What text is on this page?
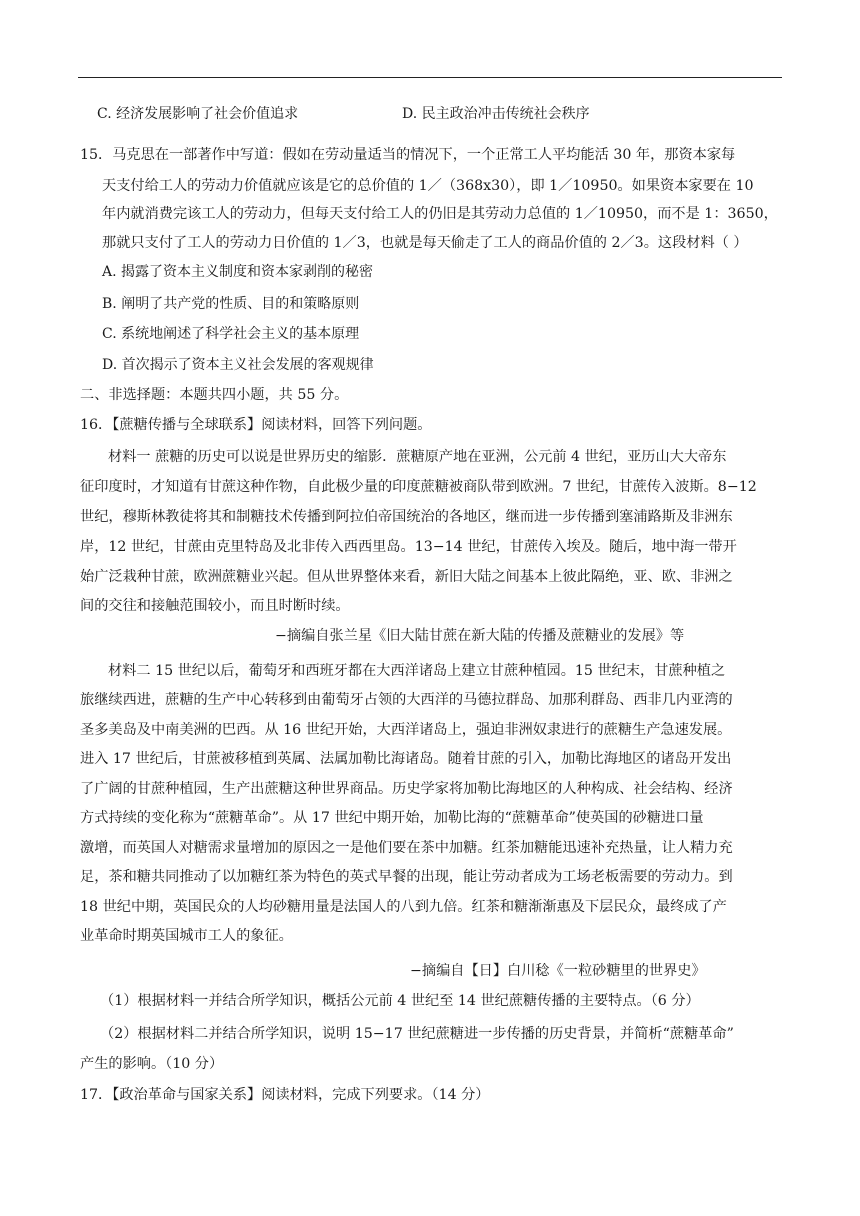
C. 经济发展影响了社会价值追求	D. 民主政治冲击传统社会秩序
15．马克思在一部著作中写道：假如在劳动量适当的情况下，一个正常工人平均能活 30 年，那资本家每
天支付给工人的劳动力价值就应该是它的总价值的 1／（368x30），即 1／10950。如果资本家要在 10
年内就消费完该工人的劳动力，但每天支付给工人的仍旧是其劳动力总值的 1／10950，而不是 1：3650，
那就只支付了工人的劳动力日价值的 1／3，也就是每天偷走了工人的商品价值的 2／3。这段材料（ ）
A. 揭露了资本主义制度和资本家剥削的秘密
B. 阐明了共产党的性质、目的和策略原则
C. 系统地阐述了科学社会主义的基本原理
D. 首次揭示了资本主义社会发展的客观规律
二、非选择题：本题共四小题，共 55 分。
16．【蔗糖传播与全球联系】阅读材料，回答下列问题。
材料一 蔗糖的历史可以说是世界历史的缩影．蔗糖原产地在亚洲，公元前 4 世纪，亚历山大大帝东
征印度时，才知道有甘蔗这种作物，自此极少量的印度蔗糖被商队带到欧洲。7 世纪，甘蔗传入波斯。8−12
世纪，穆斯林教徒将其和制糖技术传播到阿拉伯帝国统治的各地区，继而进一步传播到塞浦路斯及非洲东
岸，12 世纪，甘蔗由克里特岛及北非传入西西里岛。13−14 世纪，甘蔗传入埃及。随后，地中海一带开
始广泛栽种甘蔗，欧洲蔗糖业兴起。但从世界整体来看，新旧大陆之间基本上彼此隔绝，亚、欧、非洲之
间的交往和接触范围较小，而且时断时续。
−摘编自张兰星《旧大陆甘蔗在新大陆的传播及蔗糖业的发展》等
材料二 15 世纪以后，葡萄牙和西班牙都在大西洋诸岛上建立甘蔗种植园。15 世纪末，甘蔗种植之
旅继续西进，蔗糖的生产中心转移到由葡萄牙占领的大西洋的马德拉群岛、加那利群岛、西非几内亚湾的
圣多美岛及中南美洲的巴西。从 16 世纪开始，大西洋诸岛上，强迫非洲奴隶进行的蔗糖生产急速发展。
进入 17 世纪后，甘蔗被移植到英属、法属加勒比海诸岛。随着甘蔗的引入，加勒比海地区的诸岛开发出
了广阔的甘蔗种植园，生产出蔗糖这种世界商品。历史学家将加勒比海地区的人种构成、社会结构、经济
方式持续的变化称为“蔗糖革命”。从 17 世纪中期开始，加勒比海的“蔗糖革命”使英国的砂糖进口量
激增，而英国人对糖需求量增加的原因之一是他们要在茶中加糖。红茶加糖能迅速补充热量，让人精力充
足，茶和糖共同推动了以加糖红茶为特色的英式早餐的出现，能让劳动者成为工场老板需要的劳动力。到
18 世纪中期，英国民众的人均砂糖用量是法国人的八到九倍。红茶和糖渐渐惠及下层民众，最终成了产
业革命时期英国城市工人的象征。
−摘编自【日】白川稔《一粒砂糖里的世界史》
（1）根据材料一并结合所学知识，概括公元前 4 世纪至 14 世纪蔗糖传播的主要特点。（6 分）
（2）根据材料二并结合所学知识，说明 15−17 世纪蔗糖进一步传播的历史背景，并简析“蔗糖革命”
产生的影响。（10 分）
17．【政治革命与国家关系】阅读材料，完成下列要求。（14 分）
